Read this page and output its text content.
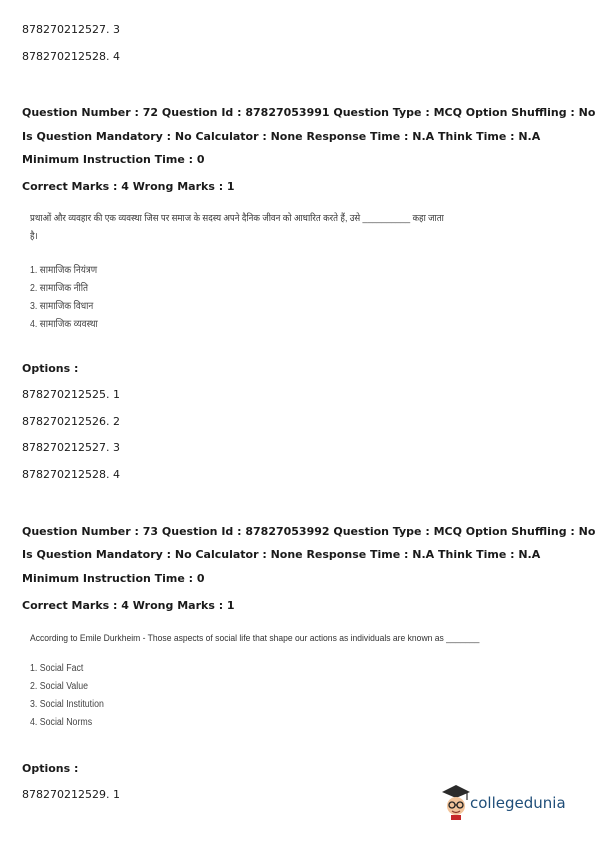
878270212527. 3
878270212528. 4
Question Number : 72 Question Id : 87827053991 Question Type : MCQ Option Shuffling : No
Is Question Mandatory : No Calculator : None Response Time : N.A Think Time : N.A
Minimum Instruction Time : 0
Correct Marks : 4 Wrong Marks : 1
प्रथाओं और व्यवहार की एक व्यवस्था जिस पर समाज के सदस्य अपने दैनिक जीवन को आधारित करते हैं, उसे __________ कहा जाता
है।
1. सामाजिक नियंत्रण
2. सामाजिक नीति
3. सामाजिक विधान
4. सामाजिक व्यवस्था
Options :
878270212525. 1
878270212526. 2
878270212527. 3
878270212528. 4
Question Number : 73 Question Id : 87827053992 Question Type : MCQ Option Shuffling : No
Is Question Mandatory : No Calculator : None Response Time : N.A Think Time : N.A
Minimum Instruction Time : 0
Correct Marks : 4 Wrong Marks : 1
According to Emile Durkheim - Those aspects of social life that shape our actions as individuals are known as _______
1. Social Fact
2. Social Value
3. Social Institution
4. Social Norms
Options :
878270212529. 1	collegedunia
